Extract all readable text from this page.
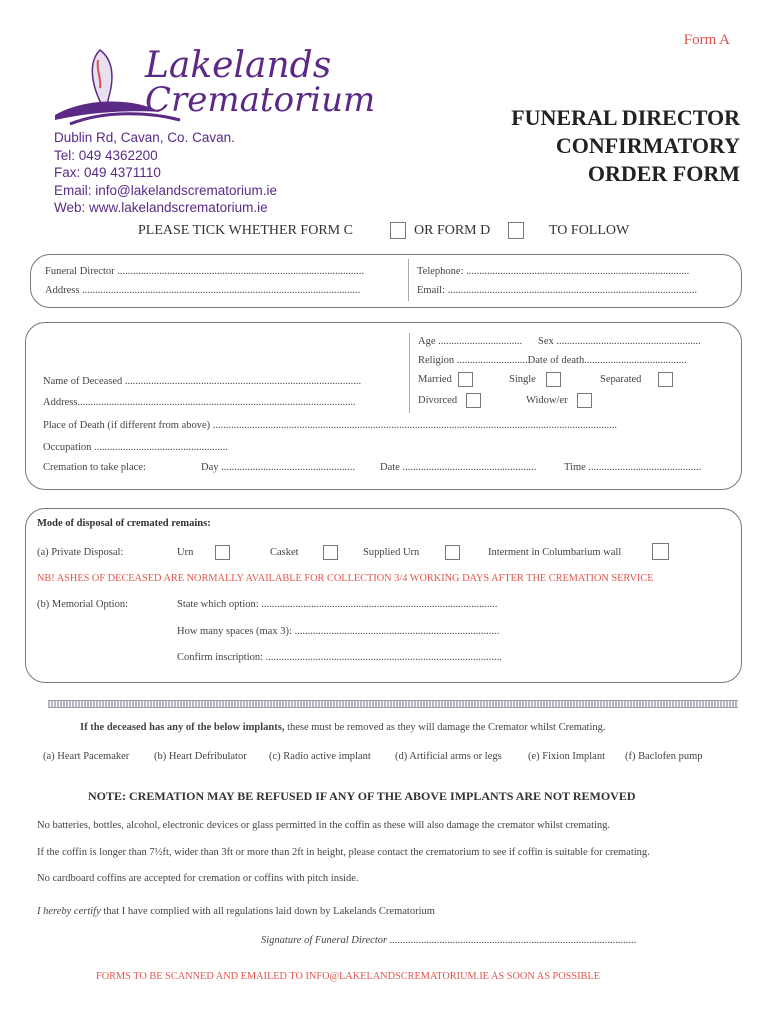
Form A
Lakelands
Crematorium
Dublin Rd, Cavan, Co. Cavan.
Tel: 049 4362200
Fax: 049 4371110
Email: info@lakelandscrematorium.ie
Web: www.lakelandscrematorium.ie
FUNERAL DIRECTOR
CONFIRMATORY
ORDER FORM
PLEASE TICK WHETHER FORM C	OR FORM D	TO FOLLOW
Funeral Director ..............................................................................................	Telephone: .....................................................................................
Address ..........................................................................................................	Email: ...............................................................................................
Age ................................ Sex .......................................................
Religion ...........................Date of death.......................................
Name of Deceased ..........................................................................................	Married	Single	Separated
Address..........................................................................................................	Divorced	Widow/er
Place of Death (if different from above) ..........................................................................................................................................................
Occupation ...................................................
Cremation to take place:	Day ................................................... Date ...................................................	Time ...........................................
Mode of disposal of cremated remains:
(a) Private Disposal:	Urn	Casket	Supplied Urn	Interment in Columbarium wall
NB! ASHES OF DECEASED ARE NORMALLY AVAILABLE FOR COLLECTION 3/4 WORKING DAYS AFTER THE CREMATION SERVICE
(b) Memorial Option:	State which option: ..........................................................................................
How many spaces (max 3): ..............................................................................
Confirm inscription: ..........................................................................................
If the deceased has any of the below implants, these must be removed as they will damage the Cremator whilst Cremating.
(a) Heart Pacemaker (b) Heart Defribulator (c) Radio active implant (d) Artificial arms or legs	(e) Fixion Implant (f) Baclofen pump
NOTE: CREMATION MAY BE REFUSED IF ANY OF THE ABOVE IMPLANTS ARE NOT REMOVED
No batteries, bottles, alcohol, electronic devices or glass permitted in the coffin as these will also damage the cremator whilst cremating.
If the coffin is longer than 7½ft, wider than 3ft or more than 2ft in height, please contact the crematorium to see if coffin is suitable for cremating.
No cardboard coffins are accepted for cremation or coffins with pitch inside.
I hereby certify that I have complied with all regulations laid down by Lakelands Crematorium
Signature of Funeral Director ..............................................................................................
FORMS TO BE SCANNED AND EMAILED TO INFO@LAKELANDSCREMATORIUM.IE AS SOON AS POSSIBLE
